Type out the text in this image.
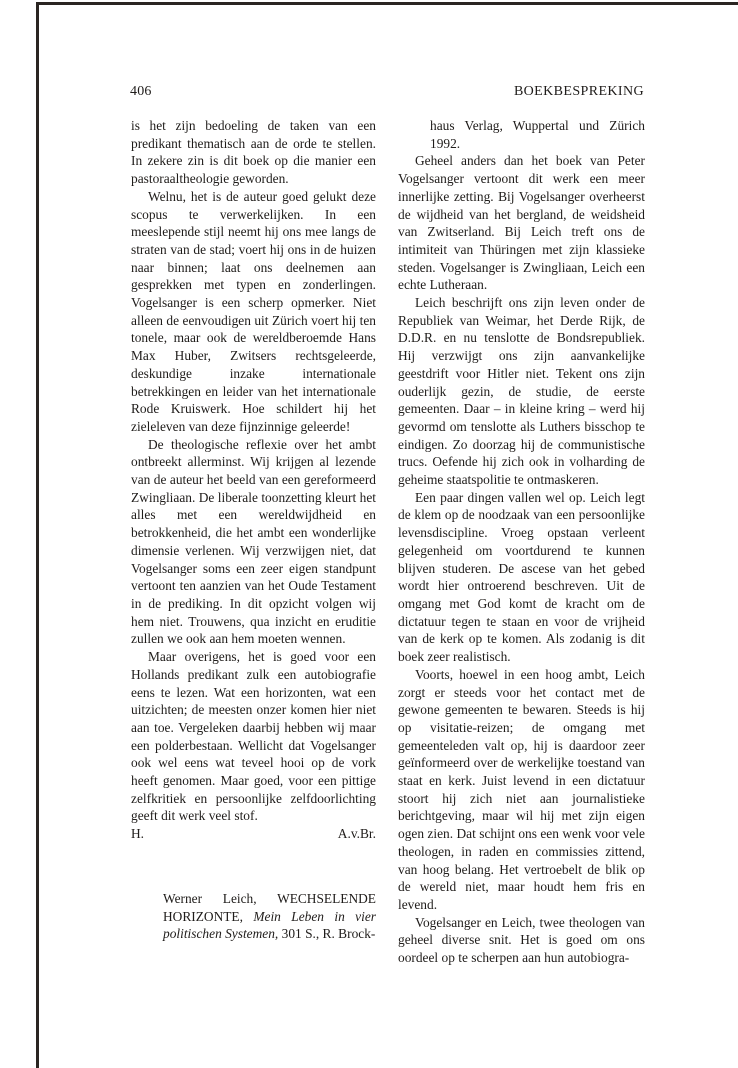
406	BOEKBESPREKING

is het zijn bedoeling de taken van een predikant thematisch aan de orde te stellen. In zekere zin is dit boek op die manier een pastoraaltheologie geworden.

Welnu, het is de auteur goed gelukt deze scopus te verwerkelijken. In een meeslepende stijl neemt hij ons mee langs de straten van de stad; voert hij ons in de huizen naar binnen; laat ons deelnemen aan gesprekken met typen en zonderlingen. Vogelsanger is een scherp opmerker. Niet alleen de eenvoudigen uit Zürich voert hij ten tonele, maar ook de wereldberoemde Hans Max Huber, Zwitsers rechtsgeleerde, deskundige inzake internationale betrekkingen en leider van het internationale Rode Kruiswerk. Hoe schildert hij het zieleleven van deze fijnzinnige geleerde!

De theologische reflexie over het ambt ontbreekt allerminst. Wij krijgen al lezende van de auteur het beeld van een gereformeerd Zwingliaan. De liberale toonzetting kleurt het alles met een wereldwijdheid en betrokkenheid, die het ambt een wonderlijke dimensie verlenen. Wij verzwijgen niet, dat Vogelsanger soms een zeer eigen standpunt vertoont ten aanzien van het Oude Testament in de prediking. In dit opzicht volgen wij hem niet. Trouwens, qua inzicht en eruditie zullen we ook aan hem moeten wennen.

Maar overigens, het is goed voor een Hollands predikant zulk een autobiografie eens te lezen. Wat een horizonten, wat een uitzichten; de meesten onzer komen hier niet aan toe. Vergeleken daarbij hebben wij maar een polderbestaan. Wellicht dat Vogelsanger ook wel eens wat teveel hooi op de vork heeft genomen. Maar goed, voor een pittige zelfkritiek en persoonlijke zelfdoorlichting geeft dit werk veel stof.

H.	A.v.Br.

Werner Leich, WECHSELENDE HORIZONTE, Mein Leben in vier politischen Systemen, 301 S., R. Brock-

haus Verlag, Wuppertal und Zürich 1992.

Geheel anders dan het boek van Peter Vogelsanger vertoont dit werk een meer innerlijke zetting. Bij Vogelsanger overheerst de wijdheid van het bergland, de weidsheid van Zwitserland. Bij Leich treft ons de intimiteit van Thüringen met zijn klassieke steden. Vogelsanger is Zwingliaan, Leich een echte Lutheraan.

Leich beschrijft ons zijn leven onder de Republiek van Weimar, het Derde Rijk, de D.D.R. en nu tenslotte de Bondsrepubliek. Hij verzwijgt ons zijn aanvankelijke geestdrift voor Hitler niet. Tekent ons zijn ouderlijk gezin, de studie, de eerste gemeenten. Daar – in kleine kring – werd hij gevormd om tenslotte als Luthers bisschop te eindigen. Zo doorzag hij de communistische trucs. Oefende hij zich ook in volharding de geheime staatspolitie te ontmaskeren.

Een paar dingen vallen wel op. Leich legt de klem op de noodzaak van een persoonlijke levensdiscipline. Vroeg opstaan verleent gelegenheid om voortdurend te kunnen blijven studeren. De ascese van het gebed wordt hier ontroerend beschreven. Uit de omgang met God komt de kracht om de dictatuur tegen te staan en voor de vrijheid van de kerk op te komen. Als zodanig is dit boek zeer realistisch.

Voorts, hoewel in een hoog ambt, Leich zorgt er steeds voor het contact met de gewone gemeenten te bewaren. Steeds is hij op visitatie-reizen; de omgang met gemeenteleden valt op, hij is daardoor zeer geïnformeerd over de werkelijke toestand van staat en kerk. Juist levend in een dictatuur stoort hij zich niet aan journalistieke berichtgeving, maar wil hij met zijn eigen ogen zien. Dat schijnt ons een wenk voor vele theologen, in raden en commissies zittend, van hoog belang. Het vertroebelt de blik op de wereld niet, maar houdt hem fris en levend.

Vogelsanger en Leich, twee theologen van geheel diverse snit. Het is goed om ons oordeel op te scherpen aan hun autobiogra-
